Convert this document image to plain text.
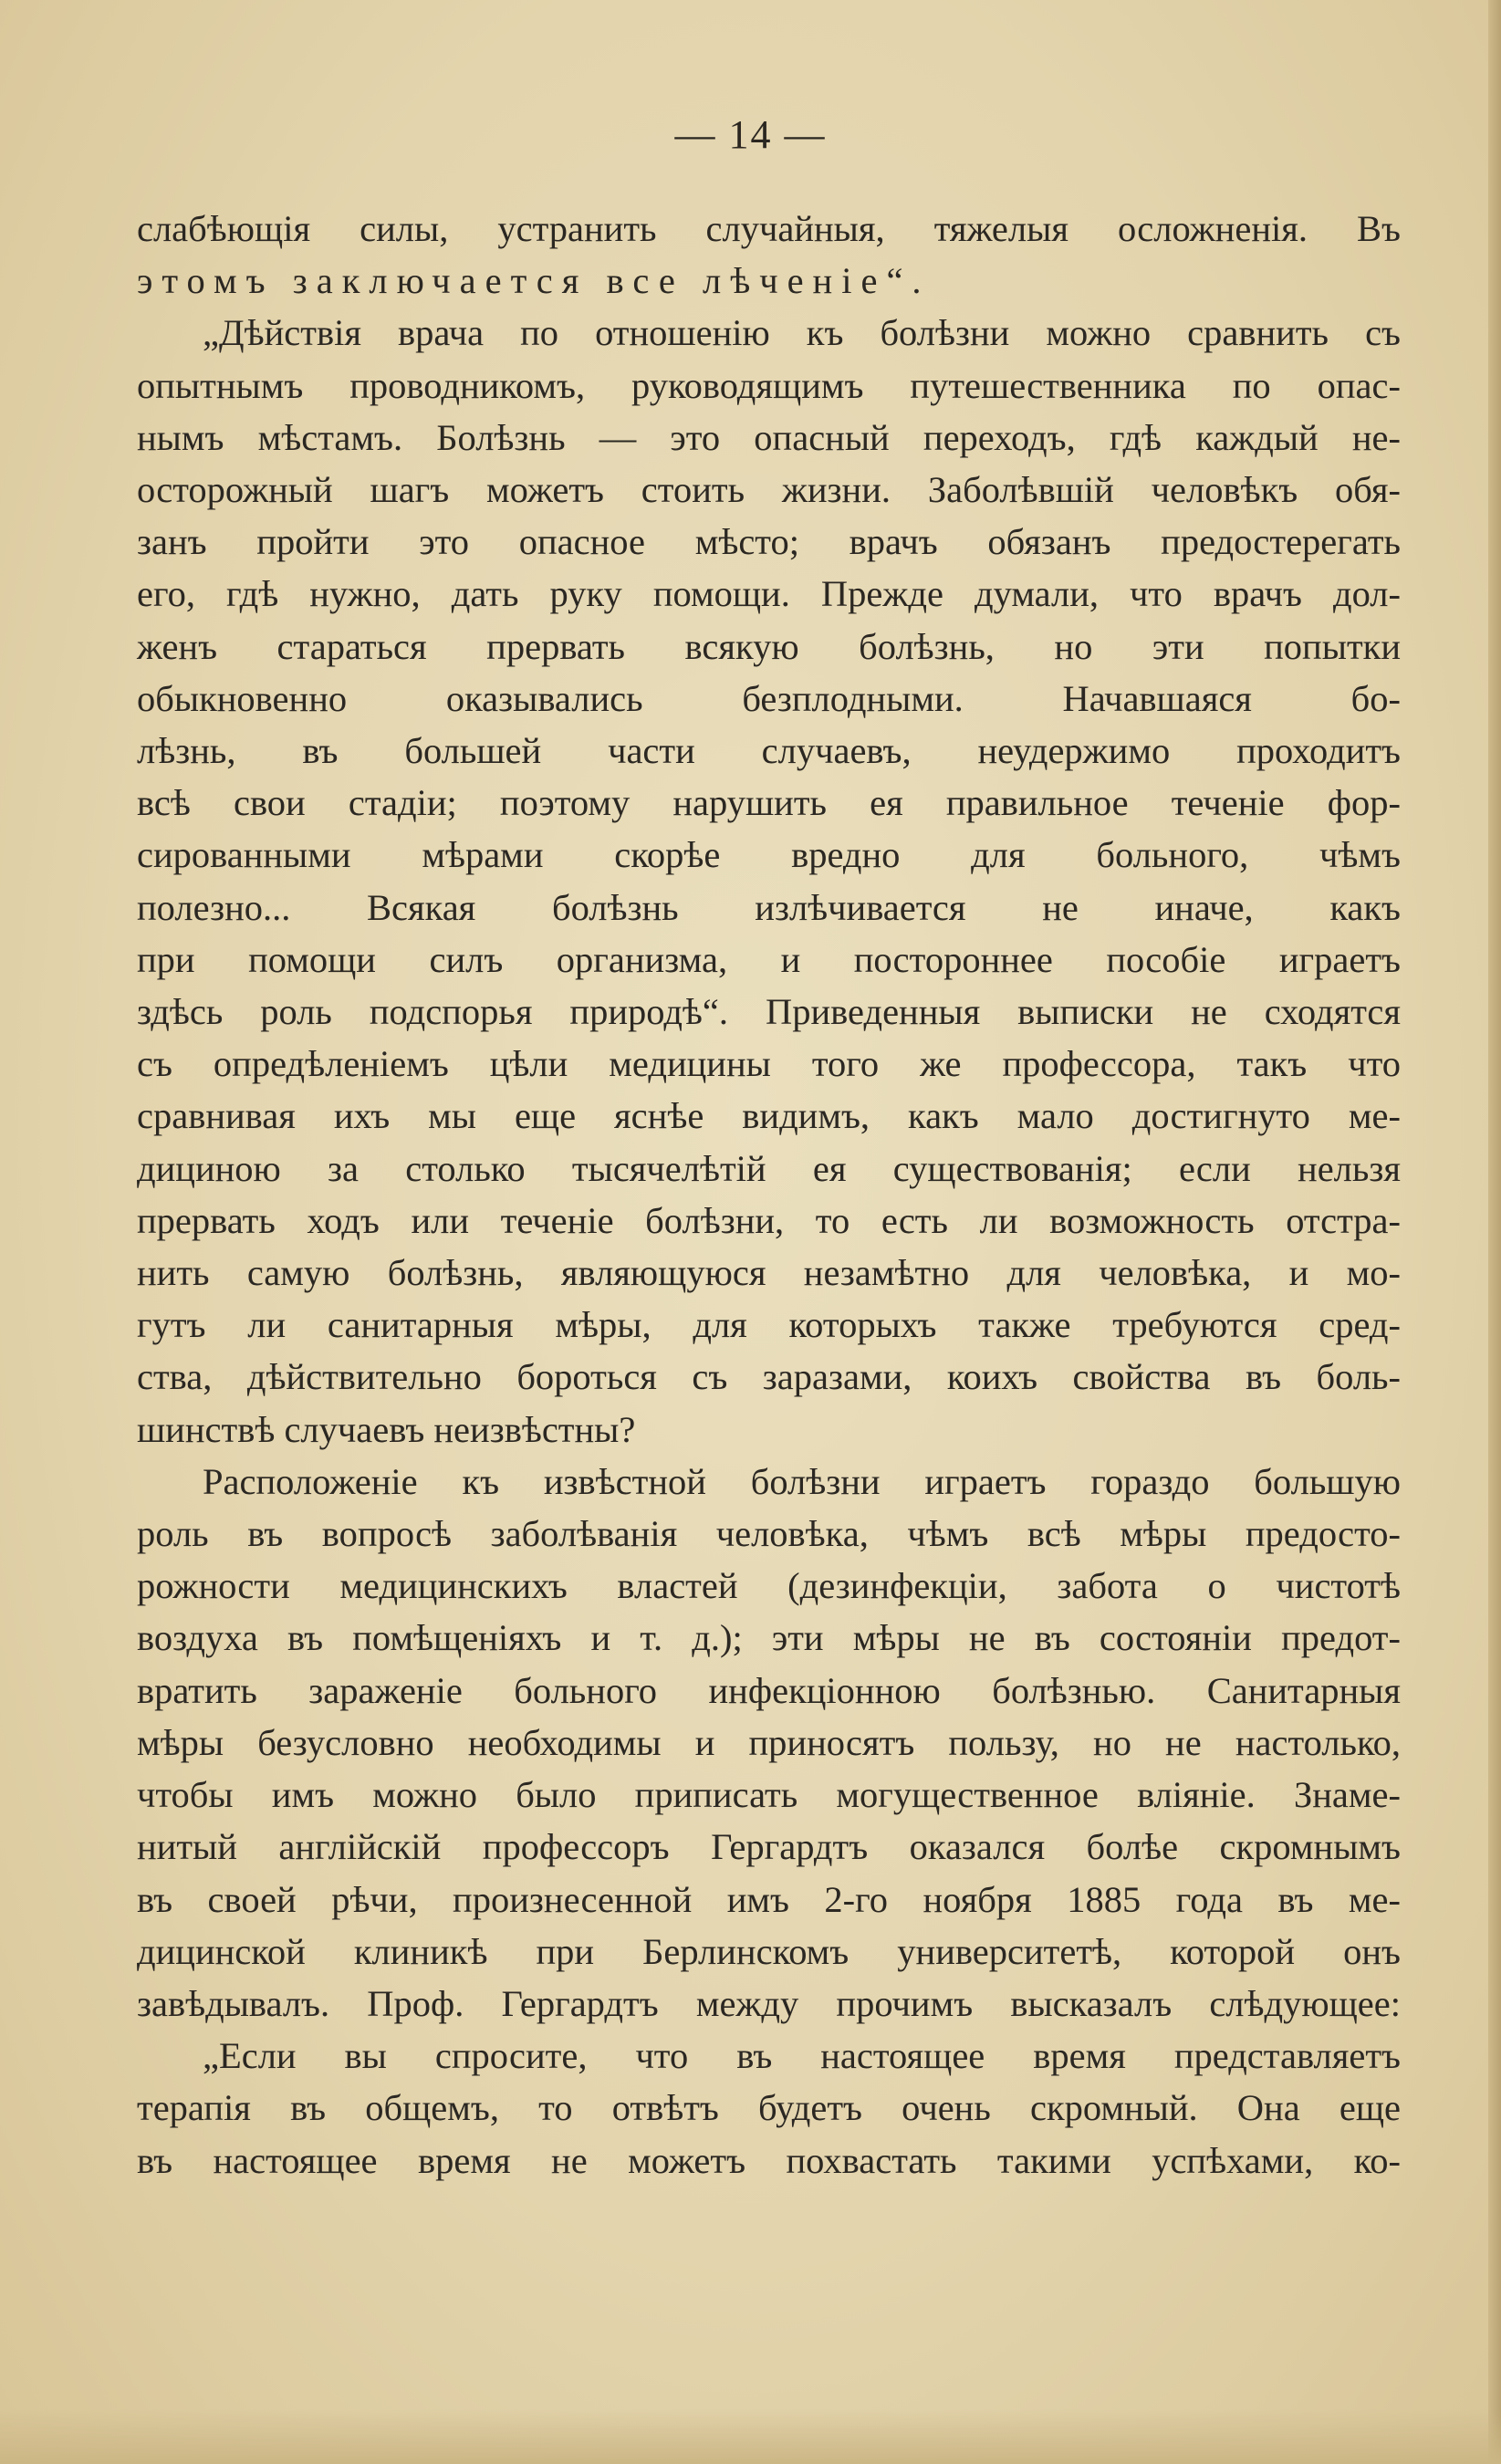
— 14 —

слабѣющія силы, устранить случайныя, тяжелыя осложненія. Въ

этомъ заключается все лѣченіе“.

„Дѣйствія врача по отношенію къ болѣзни можно сравнить съ

опытнымъ проводникомъ, руководящимъ путешественника по опас-

нымъ мѣстамъ. Болѣзнь — это опасный переходъ, гдѣ каждый не-

осторожный шагъ можетъ стоить жизни. Заболѣвшій человѣкъ обя-

занъ пройти это опасное мѣсто; врачъ обязанъ предостерегать

его, гдѣ нужно, дать руку помощи. Прежде думали, что врачъ дол-

женъ стараться прервать всякую болѣзнь, но эти попытки

обыкновенно оказывались безплодными. Начавшаяся бо-

лѣзнь, въ большей части случаевъ, неудержимо проходитъ

всѣ свои стадіи; поэтому нарушить ея правильное теченіе фор-

сированными мѣрами скорѣе вредно для больного, чѣмъ

полезно... Всякая болѣзнь излѣчивается не иначе, какъ

при помощи силъ организма, и постороннее пособіе играетъ

здѣсь роль подспорья природѣ“. Приведенныя выписки не сходятся

съ опредѣленіемъ цѣли медицины того же профессора, такъ что

сравнивая ихъ мы еще яснѣе видимъ, какъ мало достигнуто ме-

дициною за столько тысячелѣтій ея существованія; если нельзя

прервать ходъ или теченіе болѣзни, то есть ли возможность отстра-

нить самую болѣзнь, являющуюся незамѣтно для человѣка, и мо-

гутъ ли санитарныя мѣры, для которыхъ также требуются сред-

ства, дѣйствительно бороться съ заразами, коихъ свойства въ боль-

шинствѣ случаевъ неизвѣстны?

Расположеніе къ извѣстной болѣзни играетъ гораздо большую

роль въ вопросѣ заболѣванія человѣка, чѣмъ всѣ мѣры предосто-

рожности медицинскихъ властей (дезинфекціи, забота о чистотѣ

воздуха въ помѣщеніяхъ и т. д.); эти мѣры не въ состояніи предот-

вратить зараженіе больного инфекціонною болѣзнью. Санитарныя

мѣры безусловно необходимы и приносятъ пользу, но не настолько,

чтобы имъ можно было приписать могущественное вліяніе. Знаме-

нитый англійскій профессоръ Гергардтъ оказался болѣе скромнымъ

въ своей рѣчи, произнесенной имъ 2-го ноября 1885 года въ ме-

дицинской клиникѣ при Берлинскомъ университетѣ, которой онъ

завѣдывалъ. Проф. Гергардтъ между прочимъ высказалъ слѣдующее:

„Если вы спросите, что въ настоящее время представляетъ

терапія въ общемъ, то отвѣтъ будетъ очень скромный. Она еще

въ настоящее время не можетъ похвастать такими успѣхами, ко-
